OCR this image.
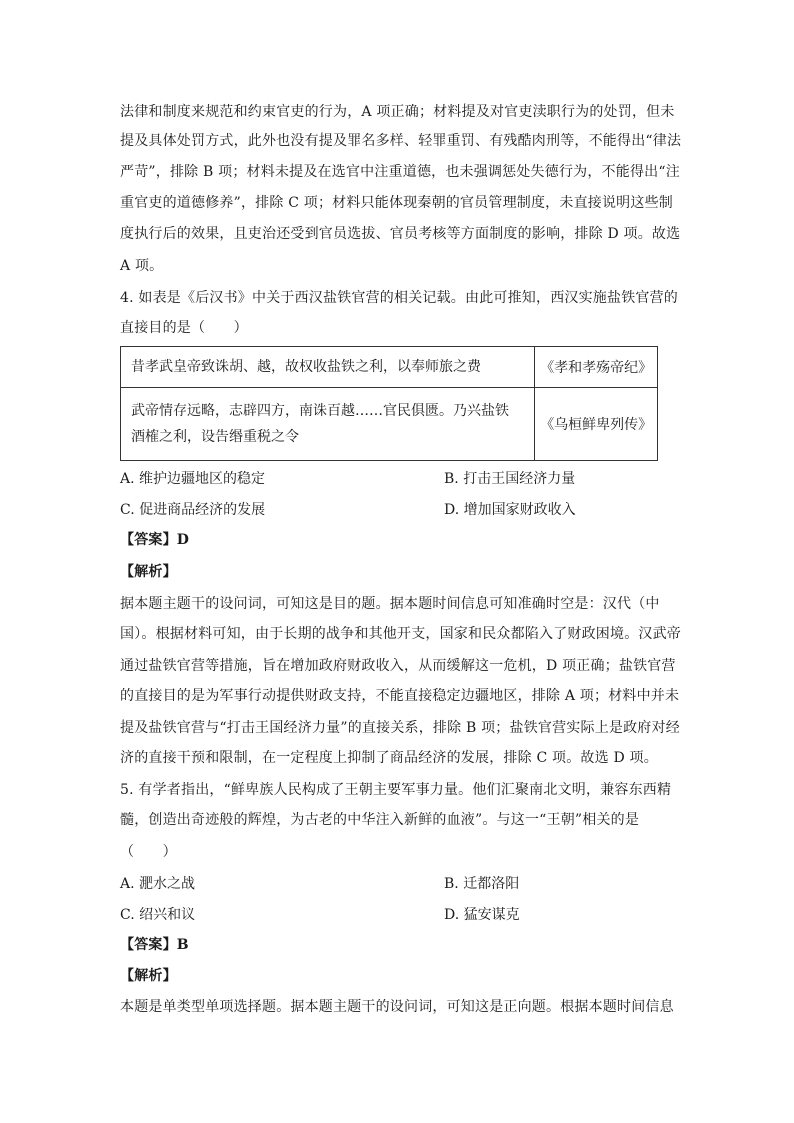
法律和制度来规范和约束官吏的行为，A 项正确；材料提及对官吏渎职行为的处罚，但未
提及具体处罚方式，此外也没有提及罪名多样、轻罪重罚、有残酷肉刑等，不能得出“律法
严苛”，排除 B 项；材料未提及在选官中注重道德，也未强调惩处失德行为，不能得出“注
重官吏的道德修养”，排除 C 项；材料只能体现秦朝的官员管理制度，未直接说明这些制
度执行后的效果，且吏治还受到官员选拔、官员考核等方面制度的影响，排除 D 项。故选
A 项。
4. 如表是《后汉书》中关于西汉盐铁官营的相关记载。由此可推知，西汉实施盐铁官营的
直接目的是（　　）
昔孝武皇帝致诛胡、越，故权收盐铁之利，以奉师旅之费	《孝和孝殇帝纪》

武帝情存远略，志辟四方，南诛百越……官民俱匮。乃兴盐铁
酒榷之利，设告缗重税之令	《乌桓鲜卑列传》
A. 维护边疆地区的稳定	B. 打击王国经济力量
C. 促进商品经济的发展	D. 增加国家财政收入
【答案】D
【解析】
据本题主题干的设问词，可知这是目的题。据本题时间信息可知准确时空是：汉代（中
国）。根据材料可知，由于长期的战争和其他开支，国家和民众都陷入了财政困境。汉武帝
通过盐铁官营等措施，旨在增加政府财政收入，从而缓解这一危机，D 项正确；盐铁官营
的直接目的是为军事行动提供财政支持，不能直接稳定边疆地区，排除 A 项；材料中并未
提及盐铁官营与“打击王国经济力量”的直接关系，排除 B 项；盐铁官营实际上是政府对经
济的直接干预和限制，在一定程度上抑制了商品经济的发展，排除 C 项。故选 D 项。
5. 有学者指出，“鲜卑族人民构成了王朝主要军事力量。他们汇聚南北文明，兼容东西精
髓，创造出奇迹般的辉煌，为古老的中华注入新鲜的血液”。与这一“王朝”相关的是
（　　）
A. 淝水之战	B. 迁都洛阳
C. 绍兴和议	D. 猛安谋克
【答案】B
【解析】
本题是单类型单项选择题。据本题主题干的设问词，可知这是正向题。根据本题时间信息
